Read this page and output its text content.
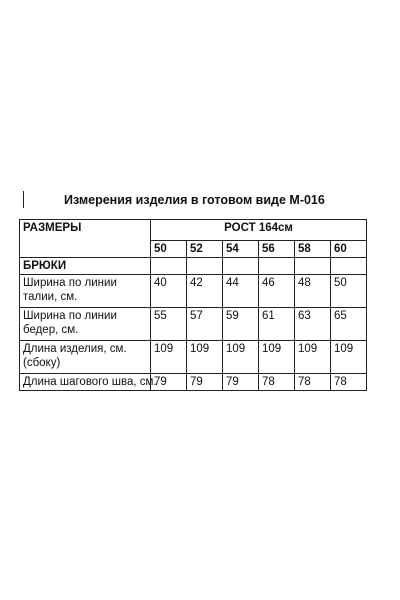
Измерения изделия в готовом виде М-016
РАЗМЕРЫ	РОСТ 164см					
	50	52	54	56	58	60
БРЮКИ						
Ширина по линии талии, см.	40	42	44	46	48	50
Ширина по линии бедер, см.	55	57	59	61	63	65
Длина изделия, см.(сбоку)	109	109	109	109	109	109
Длина шагового шва, см.	79	79	79	78	78	78
